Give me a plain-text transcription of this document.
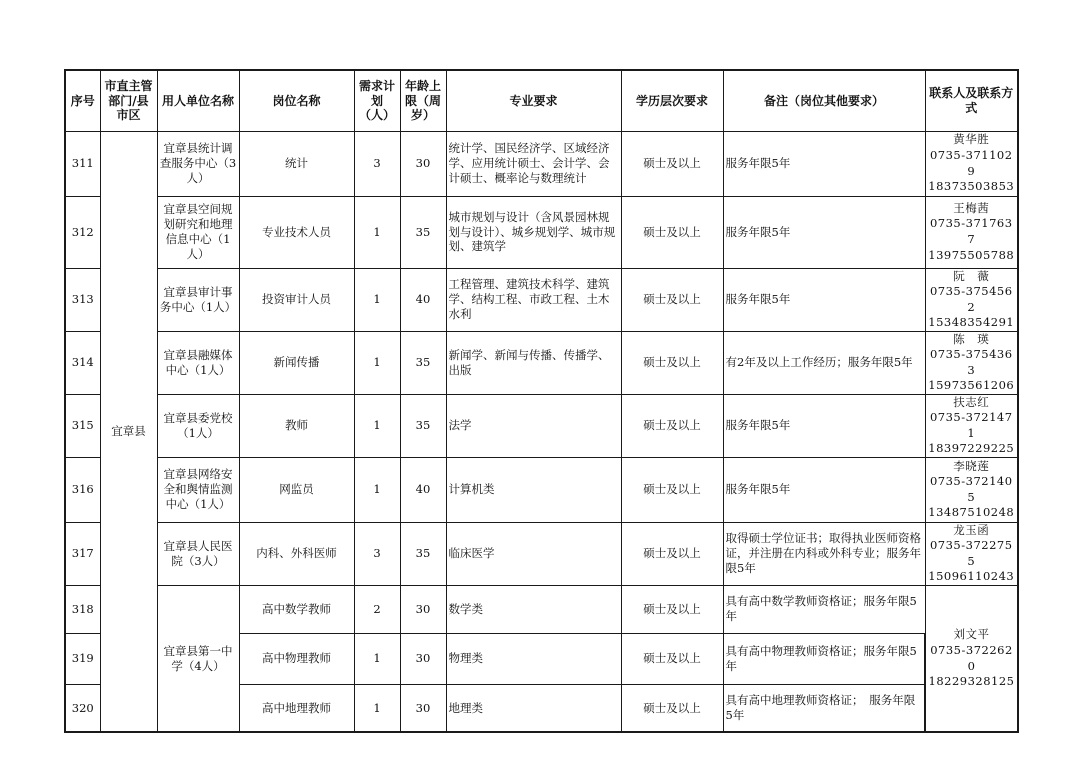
序号	市直主管部门/县市区	用人单位名称	岗位名称	需求计划（人）	年龄上限（周岁）	专业要求	学历层次要求	备注（岗位其他要求）	联系人及联系方式
311	宜章县	宜章县统计调查服务中心（3人）	统计	3	30	统计学、国民经济学、区域经济学、应用统计硕士、会计学、会计硕士、概率论与数理统计	硕士及以上	服务年限5年	黄华胜
0735-3711029
18373503853
312		宜章县空间规划研究和地理信息中心（1人）	专业技术人员	1	35	城市规划与设计（含风景园林规划与设计）、城乡规划学、城市规划、建筑学	硕士及以上	服务年限5年	王梅茜
0735-3717637
13975505788
313		宜章县审计事务中心（1人）	投资审计人员	1	40	工程管理、建筑技术科学、建筑学、结构工程、市政工程、土木水利	硕士及以上	服务年限5年	阮　薇
0735-3754562
15348354291
314		宜章县融媒体中心（1人）	新闻传播	1	35	新闻学、新闻与传播、传播学、出版	硕士及以上	有2年及以上工作经历；服务年限5年	陈　瑛
0735-3754363
15973561206
315		宜章县委党校（1人）	教师	1	35	法学	硕士及以上	服务年限5年	扶志红
0735-3721471
18397229225
316		宜章县网络安全和舆情监测中心（1人）	网监员	1	40	计算机类	硕士及以上	服务年限5年	李晓莲
0735-3721405
13487510248
317		宜章县人民医院（3人）	内科、外科医师	3	35	临床医学	硕士及以上	取得硕士学位证书；取得执业医师资格证，并注册在内科或外科专业；服务年限5年	龙玉函
0735-3722755
15096110243
318		宜章县第一中学（4人）	高中数学教师	2	30	数学类	硕士及以上	具有高中数学教师资格证；服务年限5年	刘文平
0735-3722620
18229328125
319			高中物理教师	1	30	物理类	硕士及以上	具有高中物理教师资格证；服务年限5年	
320			高中地理教师	1	30	地理类	硕士及以上	具有高中地理教师资格证；　服务年限5年	
